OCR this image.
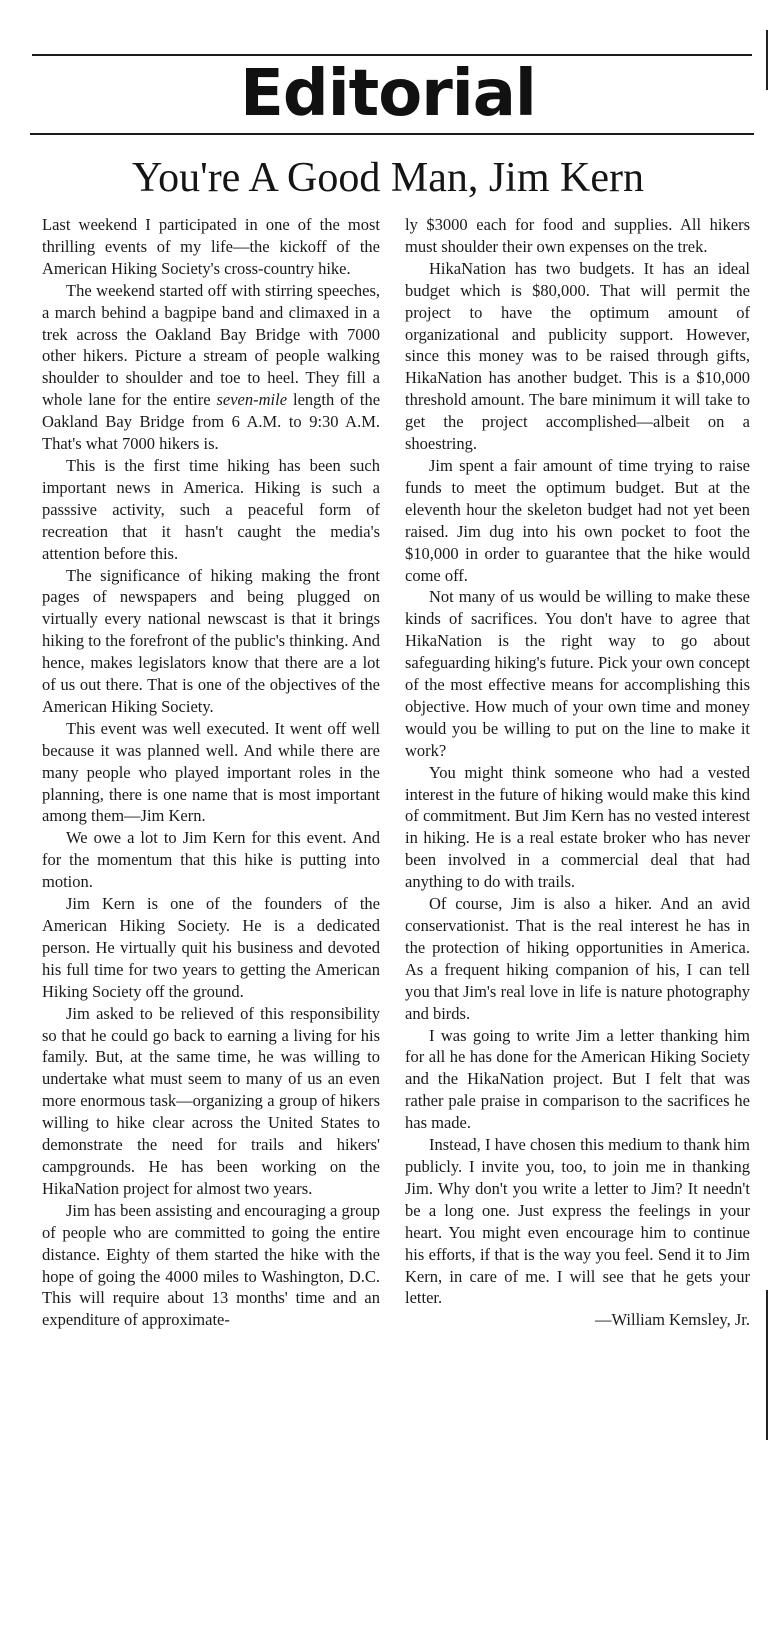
Editorial
You're A Good Man, Jim Kern

Last weekend I participated in one of the most thrilling events of my life—the kickoff of the American Hiking Society's cross-country hike.

The weekend started off with stirring speeches, a march behind a bagpipe band and climaxed in a trek across the Oakland Bay Bridge with 7000 other hikers. Picture a stream of people walking shoulder to shoulder and toe to heel. They fill a whole lane for the entire seven-mile length of the Oakland Bay Bridge from 6 A.M. to 9:30 A.M. That's what 7000 hikers is.

This is the first time hiking has been such important news in America. Hiking is such a passsive activity, such a peaceful form of recreation that it hasn't caught the media's attention before this.

The significance of hiking making the front pages of newspapers and being plugged on virtually every national newscast is that it brings hiking to the forefront of the public's thinking. And hence, makes legislators know that there are a lot of us out there. That is one of the objectives of the American Hiking Society.

This event was well executed. It went off well because it was planned well. And while there are many people who played important roles in the planning, there is one name that is most important among them—Jim Kern.

We owe a lot to Jim Kern for this event. And for the momentum that this hike is putting into motion.

Jim Kern is one of the founders of the American Hiking Society. He is a dedicated person. He virtually quit his business and devoted his full time for two years to getting the American Hiking Society off the ground.

Jim asked to be relieved of this responsibility so that he could go back to earning a living for his family. But, at the same time, he was willing to undertake what must seem to many of us an even more enormous task—organizing a group of hikers willing to hike clear across the United States to demonstrate the need for trails and hikers' campgrounds. He has been working on the HikaNation project for almost two years.

Jim has been assisting and encouraging a group of people who are committed to going the entire distance. Eighty of them started the hike with the hope of going the 4000 miles to Washington, D.C. This will require about 13 months' time and an expenditure of approximate-

ly $3000 each for food and supplies. All hikers must shoulder their own expenses on the trek.

HikaNation has two budgets. It has an ideal budget which is $80,000. That will permit the project to have the optimum amount of organizational and publicity support. However, since this money was to be raised through gifts, HikaNation has another budget. This is a $10,000 threshold amount. The bare minimum it will take to get the project accomplished—albeit on a shoestring.

Jim spent a fair amount of time trying to raise funds to meet the optimum budget. But at the eleventh hour the skeleton budget had not yet been raised. Jim dug into his own pocket to foot the $10,000 in order to guarantee that the hike would come off.

Not many of us would be willing to make these kinds of sacrifices. You don't have to agree that HikaNation is the right way to go about safeguarding hiking's future. Pick your own concept of the most effective means for accomplishing this objective. How much of your own time and money would you be willing to put on the line to make it work?

You might think someone who had a vested interest in the future of hiking would make this kind of commitment. But Jim Kern has no vested interest in hiking. He is a real estate broker who has never been involved in a commercial deal that had anything to do with trails.

Of course, Jim is also a hiker. And an avid conservationist. That is the real interest he has in the protection of hiking opportunities in America. As a frequent hiking companion of his, I can tell you that Jim's real love in life is nature photography and birds.

I was going to write Jim a letter thanking him for all he has done for the American Hiking Society and the HikaNation project. But I felt that was rather pale praise in comparison to the sacrifices he has made.

Instead, I have chosen this medium to thank him publicly. I invite you, too, to join me in thanking Jim. Why don't you write a letter to Jim? It needn't be a long one. Just express the feelings in your heart. You might even encourage him to continue his efforts, if that is the way you feel. Send it to Jim Kern, in care of me. I will see that he gets your letter.

—William Kemsley, Jr.
